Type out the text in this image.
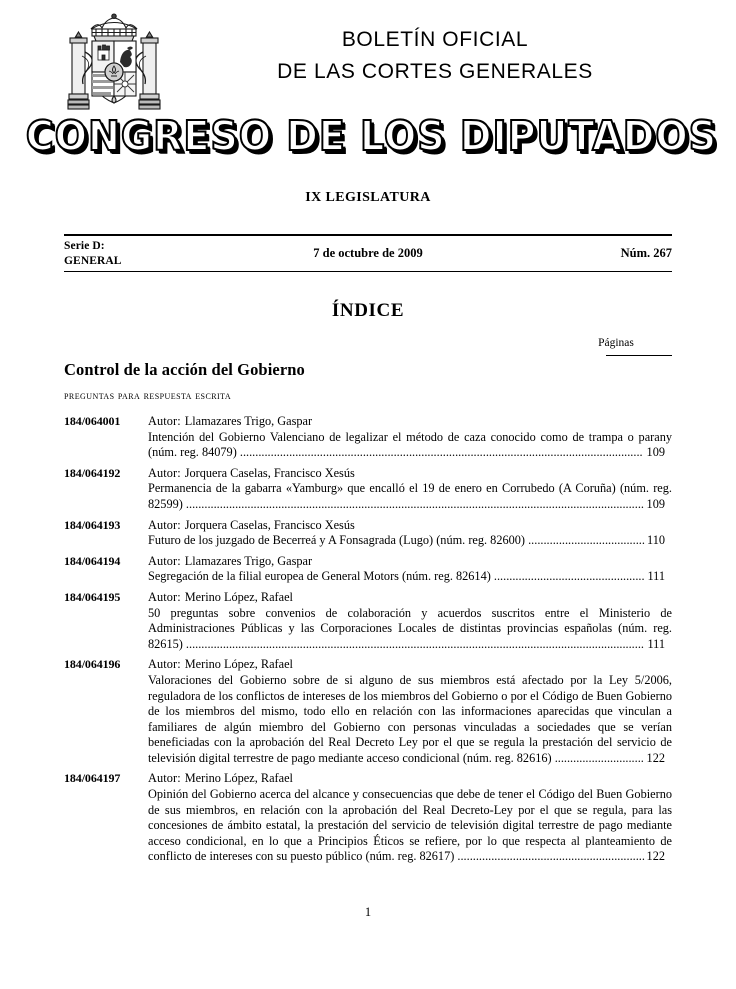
BOLETÍN OFICIAL
DE LAS CORTES GENERALES
CONGRESO DE LOS DIPUTADOS
IX LEGISLATURA
Serie D:
GENERAL
7 de octubre de 2009	Núm. 267
ÍNDICE
Páginas
Control de la acción del Gobierno
preguntas para respuesta escrita
184/064001	Autor: Llamazares Trigo, Gaspar
Intención del Gobierno Valenciano de legalizar el método de caza conocido como de trampa o parany (núm. reg. 84079) ................................................................................................................................... 109
184/064192	Autor: Jorquera Caselas, Francisco Xesús
Permanencia de la gabarra «Yamburg» que encalló el 19 de enero en Corrubedo (A Coruña) (núm. reg. 82599) ..................................................................................................................................................... 109
184/064193	Autor: Jorquera Caselas, Francisco Xesús
Futuro de los juzgado de Becerreá y A Fonsagrada (Lugo) (núm. reg. 82600) ...................................... 110
184/064194	Autor: Llamazares Trigo, Gaspar
Segregación de la filial europea de General Motors (núm. reg. 82614) ................................................. 111
184/064195	Autor: Merino López, Rafael
50 preguntas sobre convenios de colaboración y acuerdos suscritos entre el Ministerio de Administraciones Públicas y las Corporaciones Locales de distintas provincias españolas (núm. reg. 82615) ..................................................................................................................................................... 111
184/064196	Autor: Merino López, Rafael
Valoraciones del Gobierno sobre de si alguno de sus miembros está afectado por la Ley 5/2006, reguladora de los conflictos de intereses de los miembros del Gobierno o por el Código de Buen Gobierno de los miembros del mismo, todo ello en relación con las informaciones aparecidas que vinculan a familiares de algún miembro del Gobierno con personas vinculadas a sociedades que se verían beneficiadas con la aprobación del Real Decreto Ley por el que se regula la prestación del servicio de televisión digital terrestre de pago mediante acceso condicional (núm. reg. 82616) ............................. 122
184/064197	Autor: Merino López, Rafael
Opinión del Gobierno acerca del alcance y consecuencias que debe de tener el Código del Buen Gobierno de sus miembros, en relación con la aprobación del Real Decreto-Ley por el que se regula, para las concesiones de ámbito estatal, la prestación del servicio de televisión digital terrestre de pago mediante acceso condicional, en lo que a Principios Éticos se refiere, por lo que respecta al planteamiento de conflicto de intereses con su puesto público (núm. reg. 82617) ............................................................. 122
1
